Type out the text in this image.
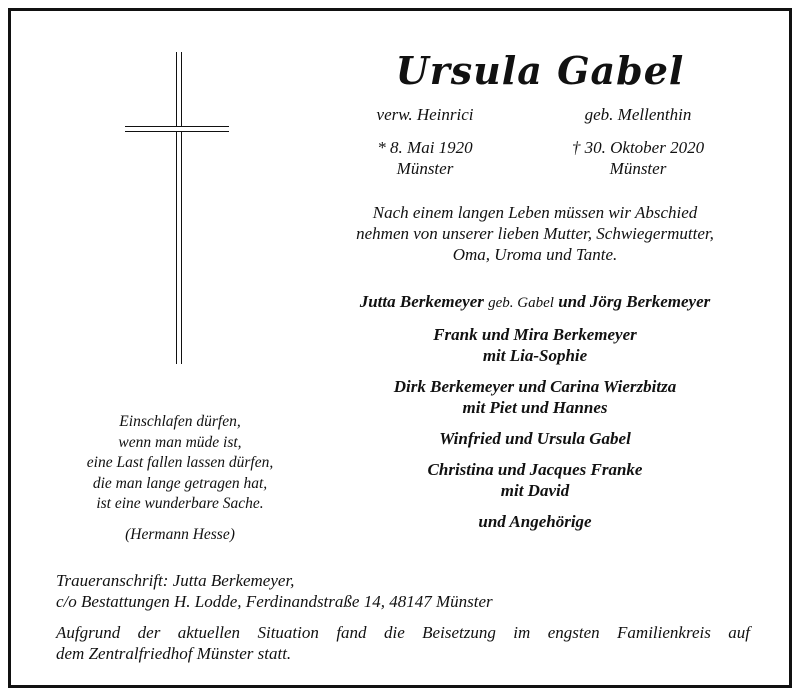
Ursula Gabel
verw. Heinrici	geb. Mellenthin
* 8. Mai 1920
Münster
† 30. Oktober 2020
Münster
Nach einem langen Leben müssen wir Abschied
nehmen von unserer lieben Mutter, Schwiegermutter,
Oma, Uroma und Tante.
Jutta Berkemeyer geb. Gabel und Jörg Berkemeyer
Frank und Mira Berkemeyer
mit Lia-Sophie
Dirk Berkemeyer und Carina Wierzbitza
mit Piet und Hannes
Winfried und Ursula Gabel
Christina und Jacques Franke
mit David
und Angehörige
Einschlafen dürfen,
wenn man müde ist,
eine Last fallen lassen dürfen,
die man lange getragen hat,
ist eine wunderbare Sache.
(Hermann Hesse)
Traueranschrift: Jutta Berkemeyer,
c/o Bestattungen H. Lodde, Ferdinandstraße 14, 48147 Münster
Aufgrund der aktuellen Situation fand die Beisetzung im engsten Familienkreis auf
dem Zentralfriedhof Münster statt.
